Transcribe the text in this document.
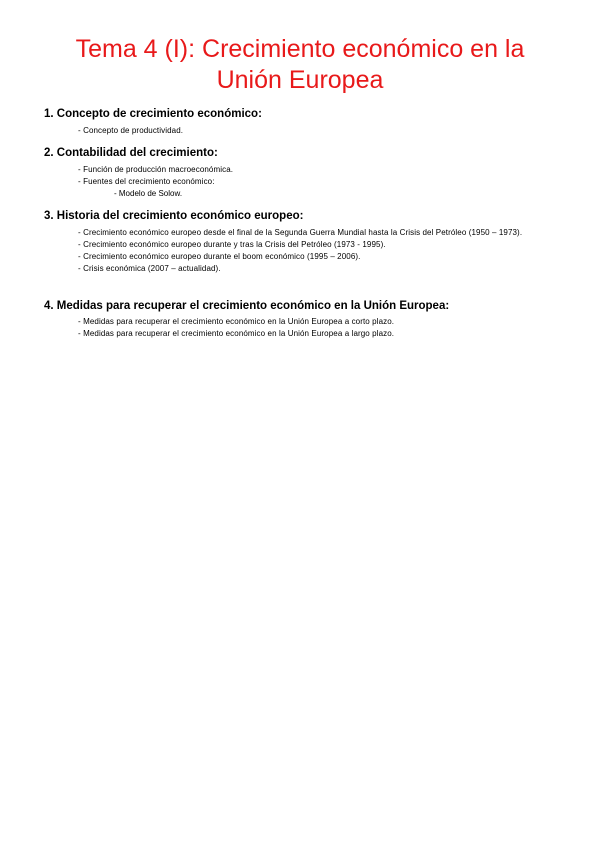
Tema 4 (I): Crecimiento económico en la Unión Europea

1. Concepto de crecimiento económico:

- Concepto de productividad.

2. Contabilidad del crecimiento:

- Función de producción macroeconómica.
- Fuentes del crecimiento económico:
- Modelo de Solow.

3. Historia del crecimiento económico europeo:

- Crecimiento económico europeo desde el final de la Segunda Guerra Mundial hasta la Crisis del Petróleo (1950 – 1973).
- Crecimiento económico europeo durante y tras la Crisis del Petróleo (1973 - 1995).
- Crecimiento económico europeo durante el boom económico (1995 – 2006).
- Crisis económica (2007 – actualidad).

4. Medidas para recuperar el crecimiento económico en la Unión Europea:

- Medidas para recuperar el crecimiento económico en la Unión Europea a corto plazo.
- Medidas para recuperar el crecimiento económico en la Unión Europea a largo plazo.
